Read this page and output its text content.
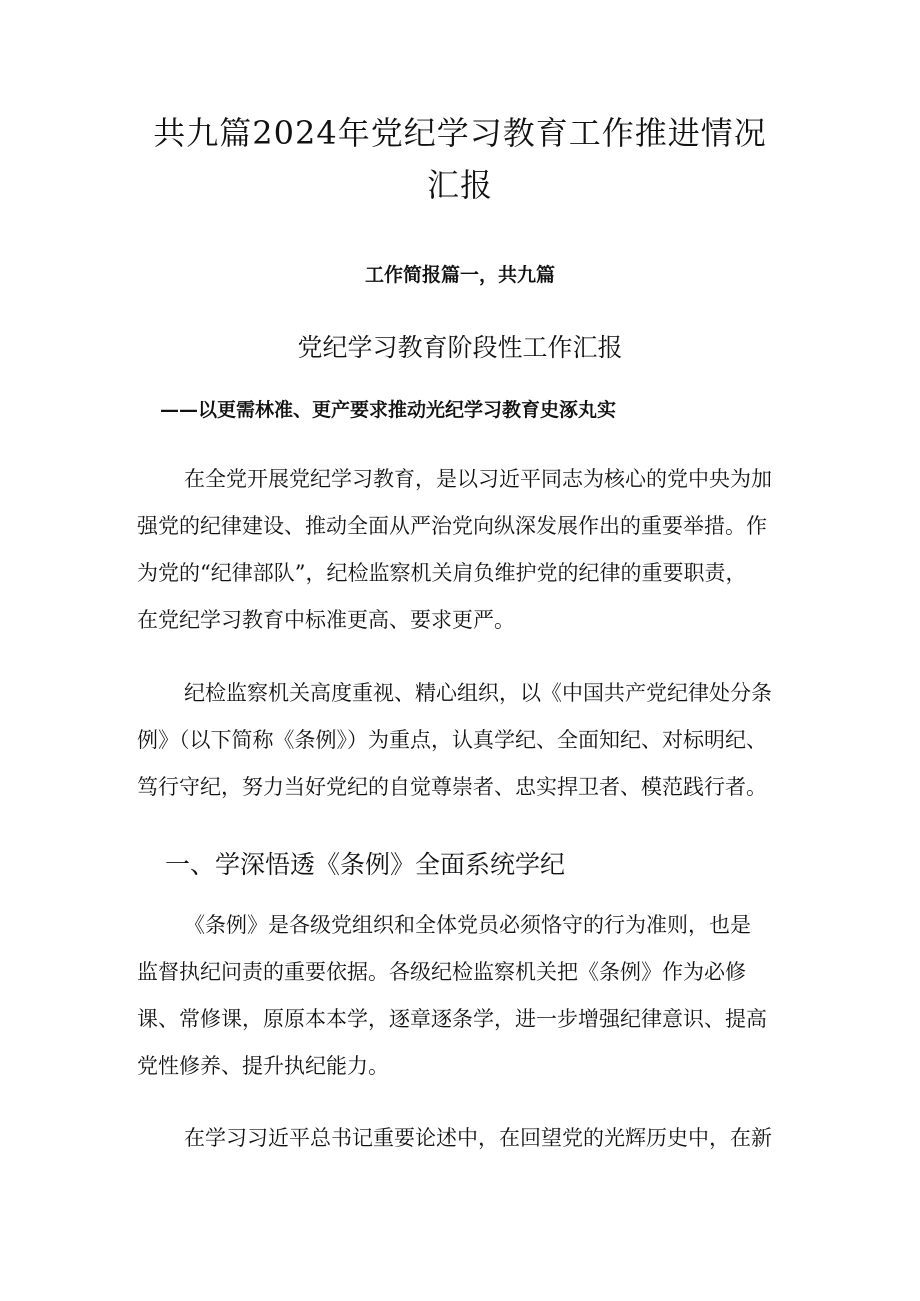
共九篇2024年党纪学习教育工作推进情况
汇报
工作简报篇一，共九篇
党纪学习教育阶段性工作汇报
——以更需林准、更产要求推动光纪学习教育史涿丸实
在全党开展党纪学习教育，是以习近平同志为核心的党中央为加
强党的纪律建设、推动全面从严治党向纵深发展作出的重要举措。作
为党的“纪律部队”，纪检监察机关肩负维护党的纪律的重要职责，
在党纪学习教育中标准更高、要求更严。
纪检监察机关高度重视、精心组织，以《中国共产党纪律处分条
例》（以下简称《条例》）为重点，认真学纪、全面知纪、对标明纪、
笃行守纪，努力当好党纪的自觉尊崇者、忠实捍卫者、模范践行者。
一、学深悟透《条例》全面系统学纪
《条例》是各级党组织和全体党员必须恪守的行为准则，也是
监督执纪问责的重要依据。各级纪检监察机关把《条例》作为必修
课、常修课，原原本本学，逐章逐条学，进一步增强纪律意识、提高
党性修养、提升执纪能力。
在学习习近平总书记重要论述中，在回望党的光辉历史中，在新
